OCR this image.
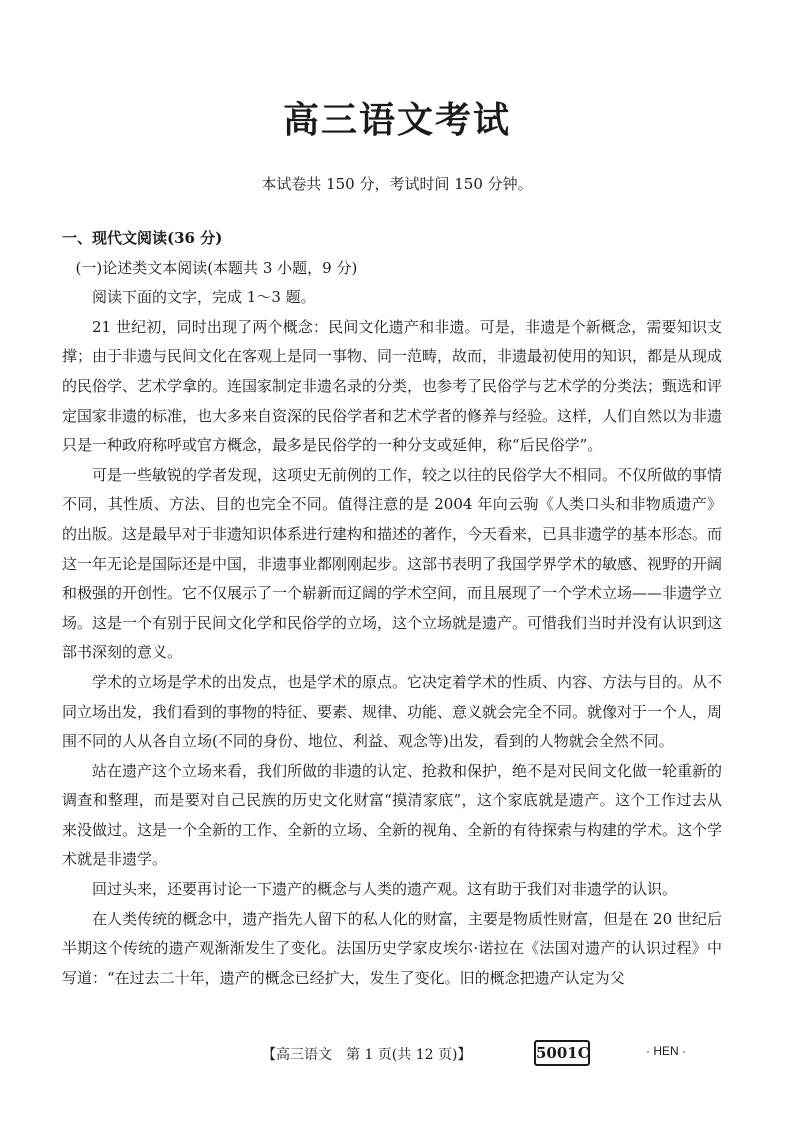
高三语文考试
本试卷共 150 分，考试时间 150 分钟。

一、现代文阅读(36 分)

(一)论述类文本阅读(本题共 3 小题，9 分)

阅读下面的文字，完成 1～3 题。

21 世纪初，同时出现了两个概念：民间文化遗产和非遗。可是，非遗是个新概念，需要知识支撑；由于非遗与民间文化在客观上是同一事物、同一范畴，故而，非遗最初使用的知识，都是从现成的民俗学、艺术学拿的。连国家制定非遗名录的分类，也参考了民俗学与艺术学的分类法；甄选和评定国家非遗的标准，也大多来自资深的民俗学者和艺术学者的修养与经验。这样，人们自然以为非遗只是一种政府称呼或官方概念，最多是民俗学的一种分支或延伸，称“后民俗学”。

可是一些敏锐的学者发现，这项史无前例的工作，较之以往的民俗学大不相同。不仅所做的事情不同，其性质、方法、目的也完全不同。值得注意的是 2004 年向云驹《人类口头和非物质遗产》的出版。这是最早对于非遗知识体系进行建构和描述的著作，今天看来，已具非遗学的基本形态。而这一年无论是国际还是中国，非遗事业都刚刚起步。这部书表明了我国学界学术的敏感、视野的开阔和极强的开创性。它不仅展示了一个崭新而辽阔的学术空间，而且展现了一个学术立场——非遗学立场。这是一个有别于民间文化学和民俗学的立场，这个立场就是遗产。可惜我们当时并没有认识到这部书深刻的意义。

学术的立场是学术的出发点，也是学术的原点。它决定着学术的性质、内容、方法与目的。从不同立场出发，我们看到的事物的特征、要素、规律、功能、意义就会完全不同。就像对于一个人，周围不同的人从各自立场(不同的身份、地位、利益、观念等)出发，看到的人物就会全然不同。

站在遗产这个立场来看，我们所做的非遗的认定、抢救和保护，绝不是对民间文化做一轮重新的调查和整理，而是要对自己民族的历史文化财富“摸清家底”，这个家底就是遗产。这个工作过去从来没做过。这是一个全新的工作、全新的立场、全新的视角、全新的有待探索与构建的学术。这个学术就是非遗学。

回过头来，还要再讨论一下遗产的概念与人类的遗产观。这有助于我们对非遗学的认识。

在人类传统的概念中，遗产指先人留下的私人化的财富，主要是物质性财富，但是在 20 世纪后半期这个传统的遗产观渐渐发生了变化。法国历史学家皮埃尔·诺拉在《法国对遗产的认识过程》中写道：“在过去二十年，遗产的概念已经扩大，发生了变化。旧的概念把遗产认定为父

【高三语文　第 1 页(共 12 页)】	5001C	· HEN ·
